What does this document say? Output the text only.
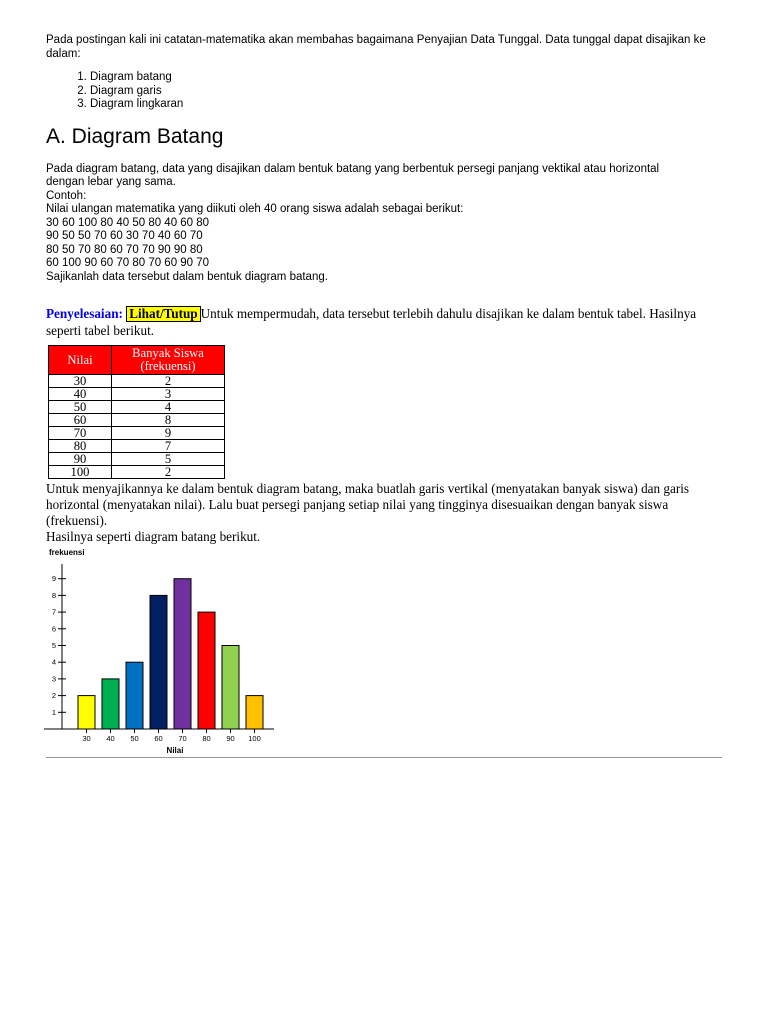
Pada postingan kali ini catatan-matematika akan membahas bagaimana Penyajian Data Tunggal. Data tunggal dapat disajikan ke dalam:

1. Diagram batang
2. Diagram garis
3. Diagram lingkaran
A. Diagram Batang
Pada diagram batang, data yang disajikan dalam bentuk batang yang berbentuk persegi panjang vektikal atau horizontal
dengan lebar yang sama.
Contoh:
Nilai ulangan matematika yang diikuti oleh 40 orang siswa adalah sebagai berikut:
30 60 100 80 40 50 80 40 60 80
90 50 50 70 60 30 70 40 60 70
80 50 70 80 60 70 70 90 90 80
60 100 90 60 70 80 70 60 90 70
Sajikanlah data tersebut dalam bentuk diagram batang.
Penyelesaian: Lihat/Tutup Untuk mempermudah, data tersebut terlebih dahulu disajikan ke dalam bentuk tabel. Hasilnya seperti tabel berikut.
Nilai	Banyak Siswa
(frekuensi)
30	2
40	3
50	4
60	8
70	9
80	7
90	5
100	2
Untuk menyajikannya ke dalam bentuk diagram batang, maka buatlah garis vertikal (menyatakan banyak siswa) dan garis horizontal (menyatakan nilai). Lalu buat persegi panjang setiap nilai yang tingginya disesuaikan dengan banyak siswa (frekuensi).
Hasilnya seperti diagram batang berikut.
frekuensi
1
2
3
4
5
6
7
8
9
30 40 50 60 70 80 90 100
Nilai
